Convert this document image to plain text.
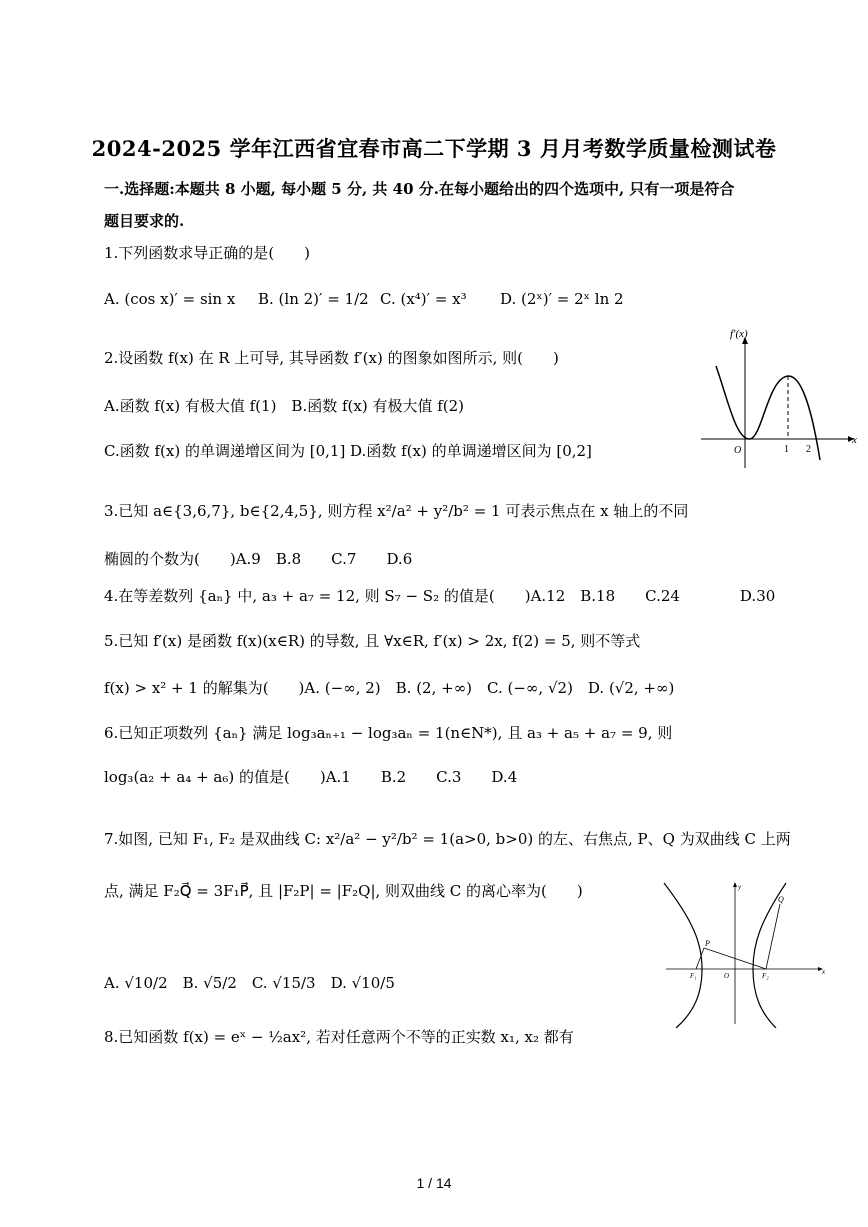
2024-2025 学年江西省宜春市高二下学期 3 月月考数学质量检测试卷
一.选择题:本题共 8 小题, 每小题 5 分, 共 40 分.在每小题给出的四个选项中, 只有一项是符合
题目要求的.
1.下列函数求导正确的是(　　)
A. (cos x)′ = sin x B. (ln 2)′ = 1/2 C. (x⁴)′ = x³ D. (2ˣ)′ = 2ˣ ln 2
2.设函数 f(x) 在 R 上可导, 其导函数 f′(x) 的图象如图所示, 则(　　)
A.函数 f(x) 有极大值 f(1)　B.函数 f(x) 有极大值 f(2)
C.函数 f(x) 的单调递增区间为 [0,1] D.函数 f(x) 的单调递增区间为 [0,2]
f′(x)
x
O	1 2
3.已知 a∈{3,6,7}, b∈{2,4,5}, 则方程 x²/a² + y²/b² = 1 可表示焦点在 x 轴上的不同
椭圆的个数为(　　)A.9　B.8　　C.7　　D.6
4.在等差数列 {aₙ} 中, a₃ + a₇ = 12, 则 S₇ − S₂ 的值是(　　)A.12　B.18　　C.24　　　　D.30
5.已知 f′(x) 是函数 f(x)(x∈R) 的导数, 且 ∀x∈R, f′(x) > 2x, f(2) = 5, 则不等式
f(x) > x² + 1 的解集为(　　)A. (−∞, 2)　B. (2, +∞)　C. (−∞, √2)　D. (√2, +∞)
6.已知正项数列 {aₙ} 满足 log₃aₙ₊₁ − log₃aₙ = 1(n∈N*), 且 a₃ + a₅ + a₇ = 9, 则
log₃(a₂ + a₄ + a₆) 的值是(　　)A.1　　B.2　　C.3　　D.4
7.如图, 已知 F₁, F₂ 是双曲线 C: x²/a² − y²/b² = 1(a>0, b>0) 的左、右焦点, P、Q 为双曲线 C 上两
点, 满足 F₂Q⃗ = 3F₁P⃗, 且 |F₂P| = |F₂Q|, 则双曲线 C 的离心率为(　　)
A. √10/2　B. √5/2　C. √15/3　D. √10/5
P
Q
O
F₁	F₂	x
y
8.已知函数 f(x) = eˣ − ½ax², 若对任意两个不等的正实数 x₁, x₂ 都有
1 / 14
